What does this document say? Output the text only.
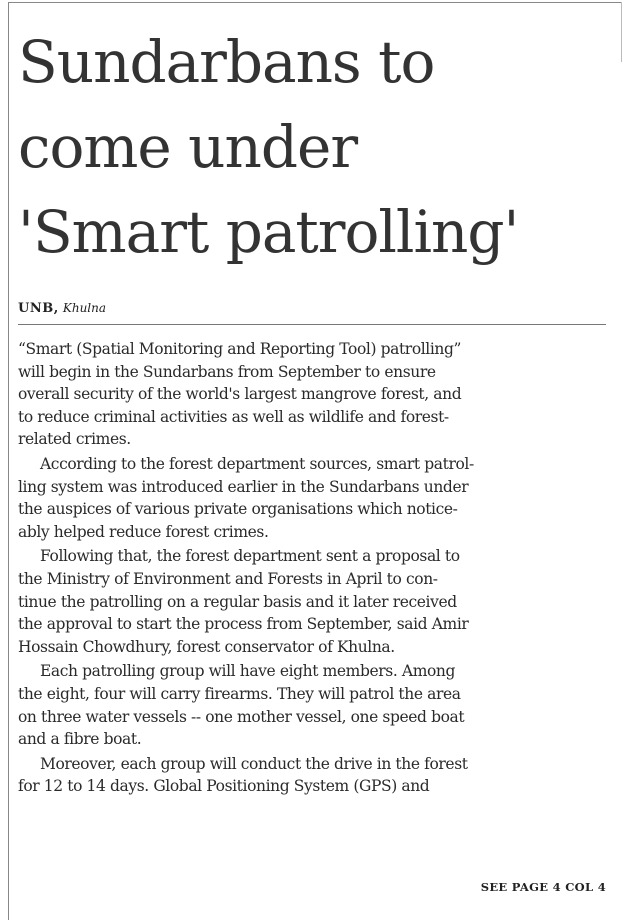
Sundarbans to
come under
'Smart patrolling'
UNB, Khulna

“Smart (Spatial Monitoring and Reporting Tool) patrolling”
will begin in the Sundarbans from September to ensure
overall security of the world's largest mangrove forest, and
to reduce criminal activities as well as wildlife and forest-
related crimes.

According to the forest department sources, smart patrol-
ling system was introduced earlier in the Sundarbans under
the auspices of various private organisations which notice-
ably helped reduce forest crimes.

Following that, the forest department sent a proposal to
the Ministry of Environment and Forests in April to con-
tinue the patrolling on a regular basis and it later received
the approval to start the process from September, said Amir
Hossain Chowdhury, forest conservator of Khulna.

Each patrolling group will have eight members. Among
the eight, four will carry firearms. They will patrol the area
on three water vessels -- one mother vessel, one speed boat
and a fibre boat.

Moreover, each group will conduct the drive in the forest
for 12 to 14 days. Global Positioning System (GPS) and

SEE PAGE 4 COL 4
